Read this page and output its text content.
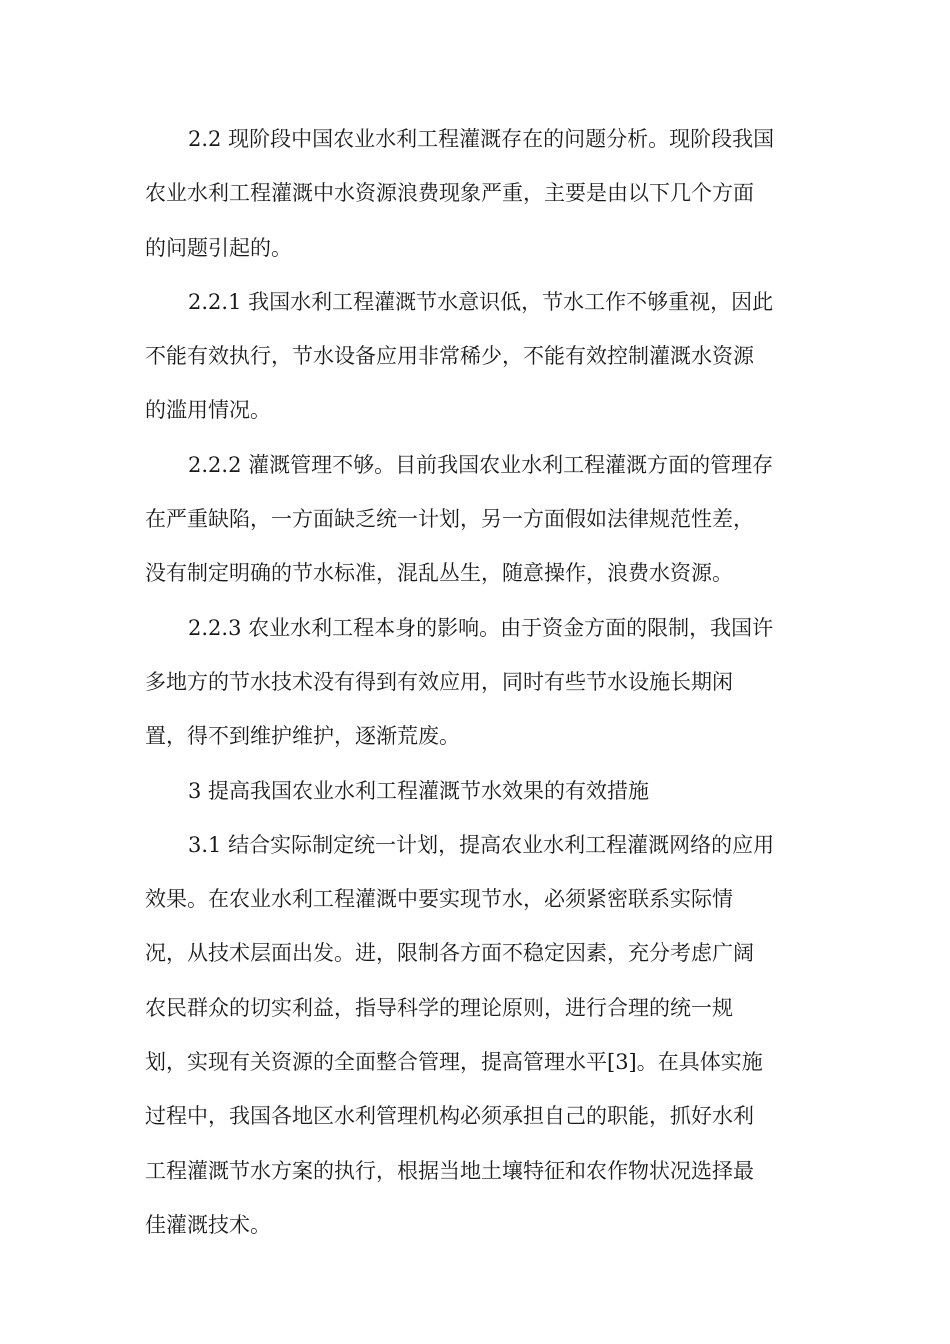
2.2 现阶段中国农业水利工程灌溉存在的问题分析。现阶段我国
农业水利工程灌溉中水资源浪费现象严重，主要是由以下几个方面
的问题引起的。
2.2.1 我国水利工程灌溉节水意识低，节水工作不够重视，因此
不能有效执行，节水设备应用非常稀少，不能有效控制灌溉水资源
的滥用情况。
2.2.2 灌溉管理不够。目前我国农业水利工程灌溉方面的管理存
在严重缺陷，一方面缺乏统一计划，另一方面假如法律规范性差，
没有制定明确的节水标准，混乱丛生，随意操作，浪费水资源。
2.2.3 农业水利工程本身的影响。由于资金方面的限制，我国许
多地方的节水技术没有得到有效应用，同时有些节水设施长期闲
置，得不到维护维护，逐渐荒废。
3 提高我国农业水利工程灌溉节水效果的有效措施
3.1 结合实际制定统一计划，提高农业水利工程灌溉网络的应用
效果。在农业水利工程灌溉中要实现节水，必须紧密联系实际情
况，从技术层面出发。进，限制各方面不稳定因素，充分考虑广阔
农民群众的切实利益，指导科学的理论原则，进行合理的统一规
划，实现有关资源的全面整合管理，提高管理水平[3]。在具体实施
过程中，我国各地区水利管理机构必须承担自己的职能，抓好水利
工程灌溉节水方案的执行，根据当地土壤特征和农作物状况选择最
佳灌溉技术。
